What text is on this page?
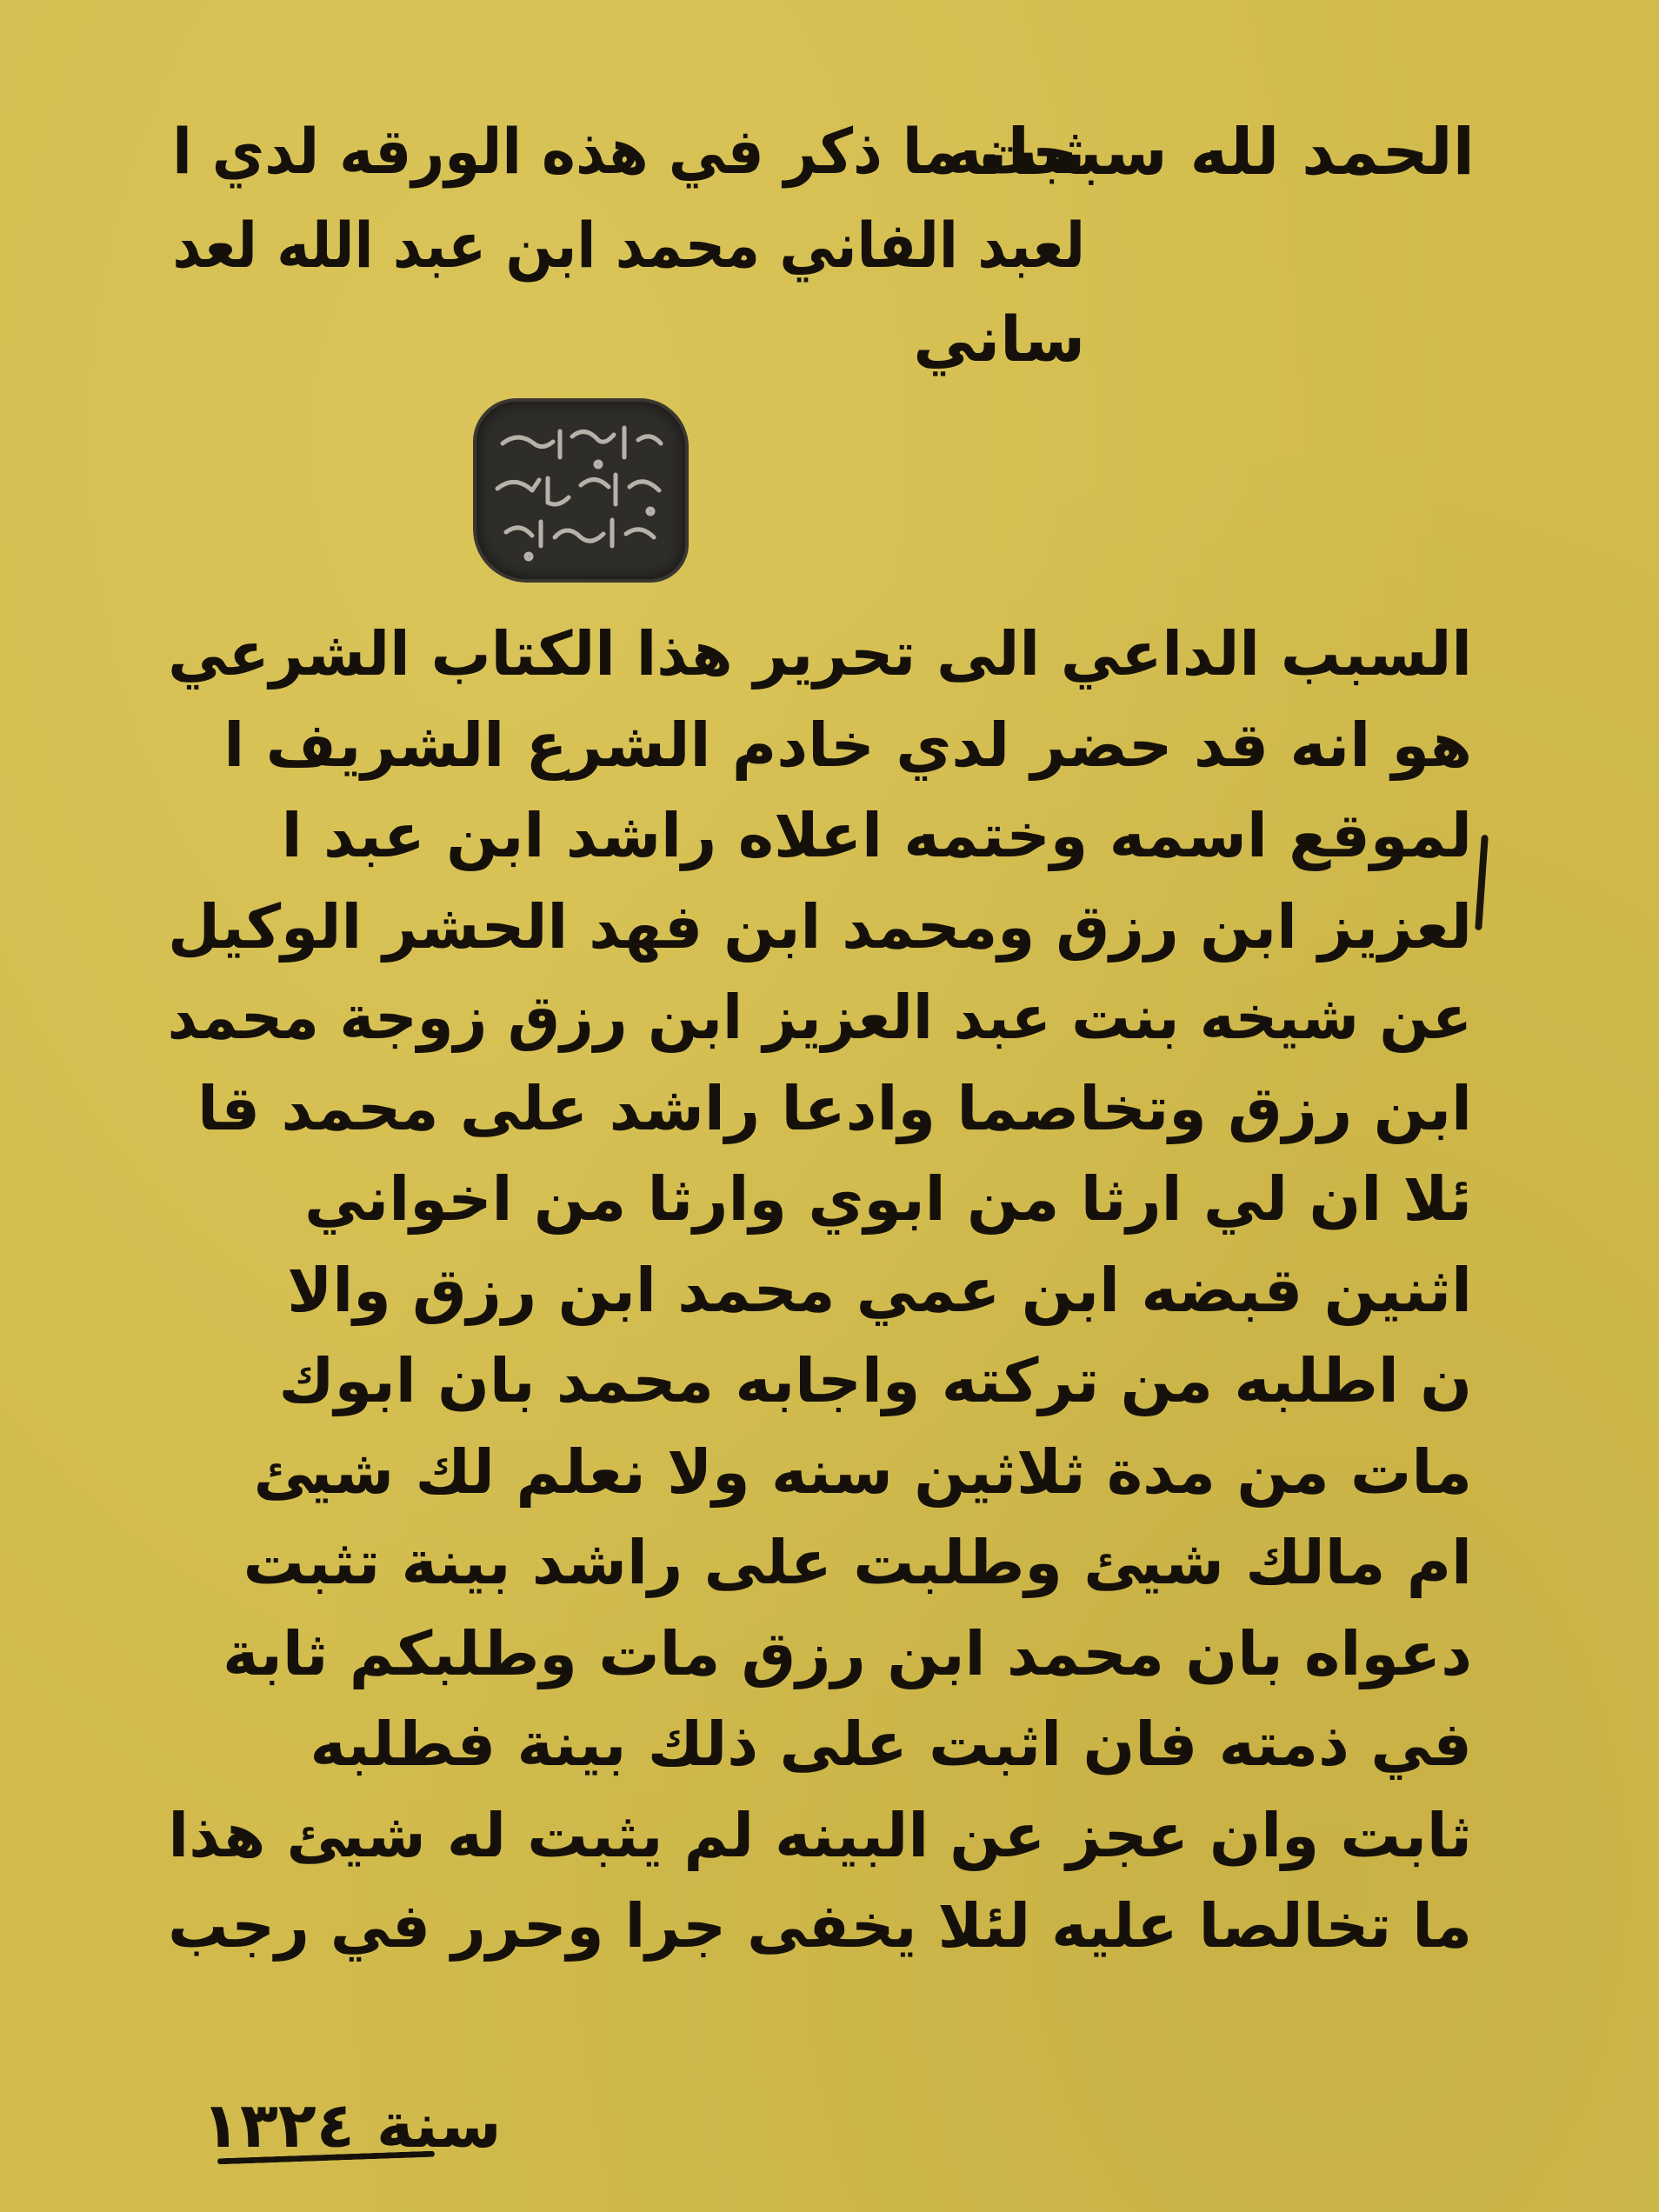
الحمد لله سبحانه
ثبت ما ذكر في هذه الورقه لدي ا
لعبد الفاني محمد ابن عبد الله لعد
ساني
السبب الداعي الى تحرير هذا الكتاب الشرعي
هو انه قد حضر لدي خادم الشرع الشريف ا
لموقع اسمه وختمه اعلاه راشد ابن عبد ا
لعزيز ابن رزق ومحمد ابن فهد الحشر الوكيل
عن شيخه بنت عبد العزيز ابن رزق زوجة محمد
ابن رزق وتخاصما وادعا راشد على محمد قا
ئلا ان لي ارثا من ابوي وارثا من اخواني
اثنين قبضه ابن عمي محمد ابن رزق والا
ن اطلبه من تركته واجابه محمد بان ابوك
مات من مدة ثلاثين سنه ولا نعلم لك شيئ
ام مالك شيئ وطلبت على راشد بينة تثبت
دعواه بان محمد ابن رزق مات وطلبكم ثابة
في ذمته فان اثبت على ذلك بينة فطلبه
ثابت وان عجز عن البينه لم يثبت له شيئ هذا
ما تخالصا عليه لئلا يخفى جرا وحرر في رجب
سنة ١٣٢٤
